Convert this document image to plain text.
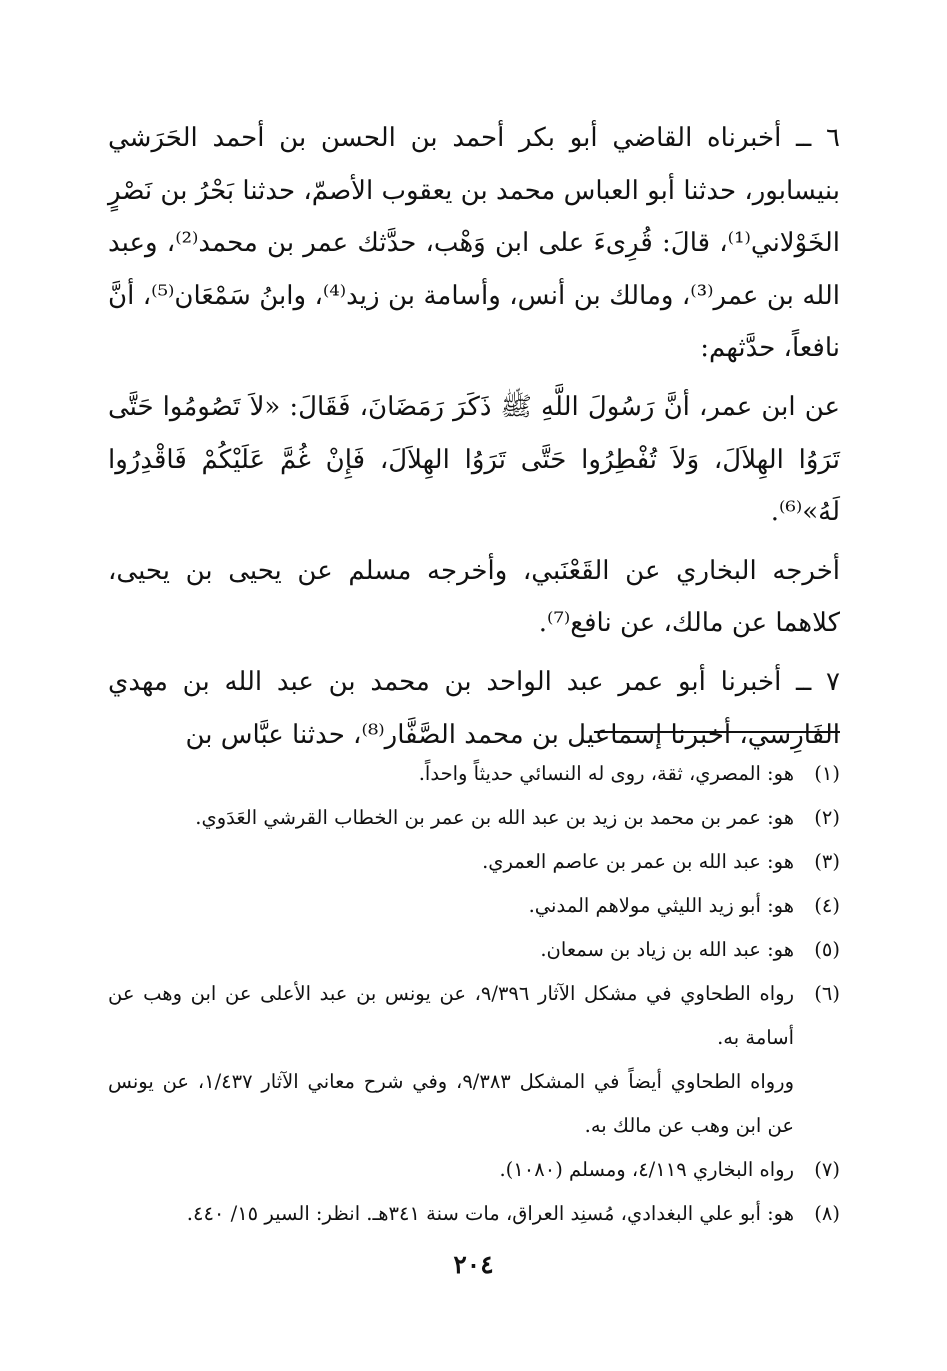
٦ ــ أخبرناه القاضي أبو بكر أحمد بن الحسن بن أحمد الحَرَشي بنيسابور، حدثنا أبو العباس محمد بن يعقوب الأصمّ، حدثنا بَحْرُ بن نَصْرٍ الخَوْلاني⁽¹⁾، قالَ: قُرِىءَ على ابن وَهْب، حدَّثك عمر بن محمد⁽²⁾، وعبد الله بن عمر⁽³⁾، ومالك بن أنس، وأسامة بن زيد⁽⁴⁾، وابنُ سَمْعَان⁽⁵⁾، أنَّ نافعاً، حدَّثهم:

عن ابن عمر، أنَّ رَسُولَ اللَّهِ ﷺ ذَكَرَ رَمَضَانَ، فَقَالَ: «لاَ تَصُومُوا حَتَّى تَرَوُا الهِلاَلَ، وَلاَ تُفْطِرُوا حَتَّى تَرَوُا الهِلاَلَ، فَإِنْ غُمَّ عَلَيْكُمْ فَاقْدِرُوا لَهُ»⁽⁶⁾.

أخرجه البخاري عن القَعْنَبي، وأخرجه مسلم عن يحيى بن يحيى، كلاهما عن مالك، عن نافع⁽⁷⁾.

٧ ــ أخبرنا أبو عمر عبد الواحد بن محمد بن عبد الله بن مهدي الفَارِسي، أخبرنا إسماعيل بن محمد الصَّفَّار⁽⁸⁾، حدثنا عبَّاس بن

(١)
هو: المصري، ثقة، روى له النسائي حديثاً واحداً.
(٢)
هو: عمر بن محمد بن زيد بن عبد الله بن عمر بن الخطاب القرشي العَدَوي.
(٣)
هو: عبد الله بن عمر بن عاصم العمري.
(٤)
هو: أبو زيد الليثي مولاهم المدني.
(٥)
هو: عبد الله بن زياد بن سمعان.
(٦)
رواه الطحاوي في مشكل الآثار ٩/٣٩٦، عن يونس بن عبد الأعلى عن ابن وهب عن أسامة به.
ورواه الطحاوي أيضاً في المشكل ٩/٣٨٣، وفي شرح معاني الآثار ١/٤٣٧، عن يونس عن ابن وهب عن مالك به.
(٧)
رواه البخاري ٤/١١٩، ومسلم (١٠٨٠).
(٨)
هو: أبو علي البغدادي، مُسنِد العراق، مات سنة ٣٤١هـ. انظر: السير ١٥/ ٤٤٠.
٢٠٤
